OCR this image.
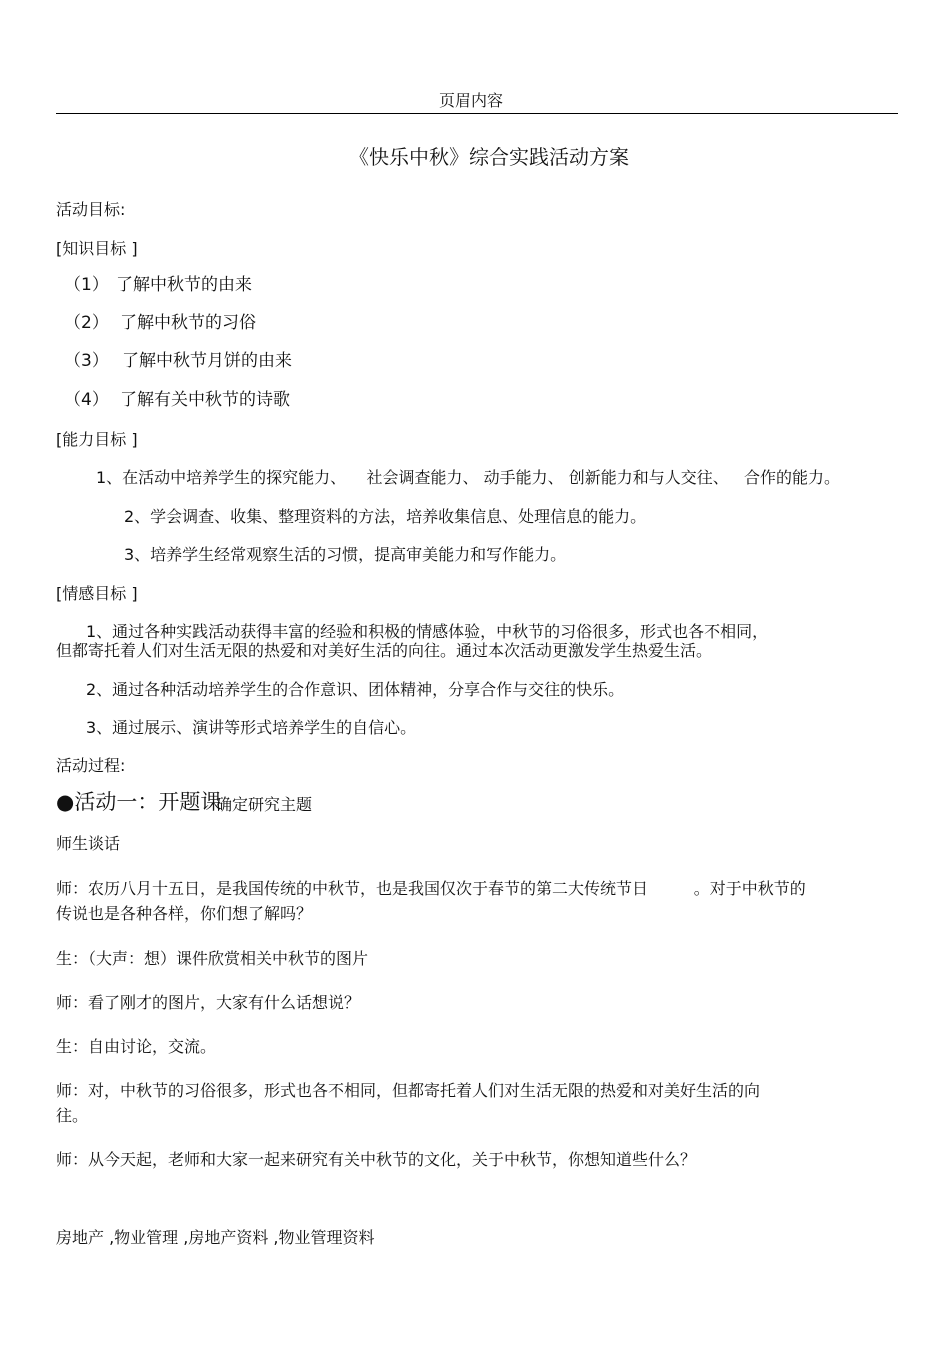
页眉内容
《快乐中秋》综合实践活动方案
活动目标:
[知识目标 ]
（1） 了解中秋节的由来
（2） 了解中秋节的习俗
（3） 了解中秋节月饼的由来
（4） 了解有关中秋节的诗歌
[能力目标 ]
1、在活动中培养学生的探究能力、    社会调查能力、 动手能力、 创新能力和与人交往、   合作的能力。
2、学会调查、收集、整理资料的方法，培养收集信息、处理信息的能力。
3、培养学生经常观察生活的习惯，提高审美能力和写作能力。
[情感目标 ]
1、通过各种实践活动获得丰富的经验和积极的情感体验，中秋节的习俗很多，形式也各不相同，
但都寄托着人们对生活无限的热爱和对美好生活的向往。通过本次活动更激发学生热爱生活。
2、通过各种活动培养学生的合作意识、团体精神，分享合作与交往的快乐。
3、通过展示、演讲等形式培养学生的自信心。
活动过程:
●活动一：开题课
确定研究主题
师生谈话
师：农历八月十五日，是我国传统的中秋节，也是我国仅次于春节的第二大传统节日         。对于中秋节的
传说也是各种各样，你们想了解吗？
生：（大声：想）课件欣赏相关中秋节的图片
师：看了刚才的图片，大家有什么话想说？
生：自由讨论，交流。
师：对，中秋节的习俗很多，形式也各不相同，但都寄托着人们对生活无限的热爱和对美好生活的向
往。
师：从今天起，老师和大家一起来研究有关中秋节的文化，关于中秋节，你想知道些什么？
房地产 ,物业管理 ,房地产资料 ,物业管理资料
